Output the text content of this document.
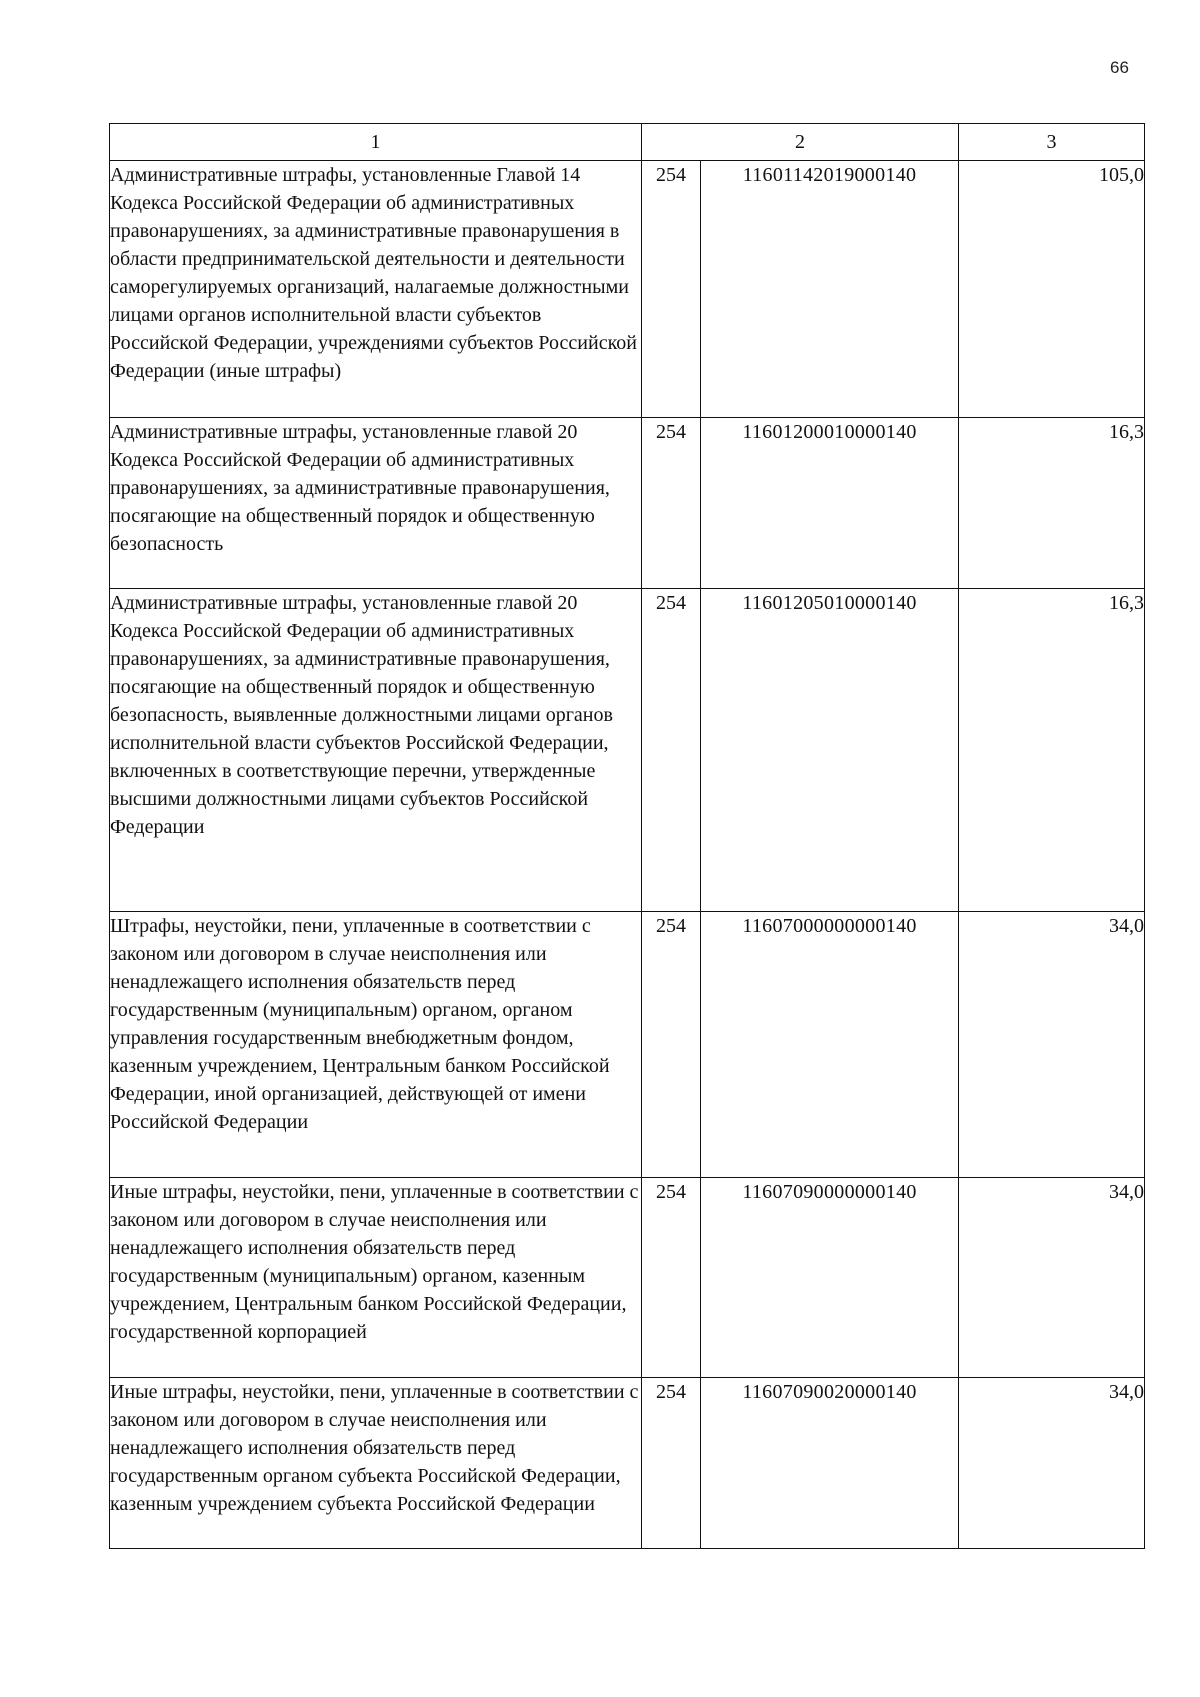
66
1	2		3
Административные штрафы, установленные Главой 14 Кодекса Российской Федерации об административных правонарушениях, за административные правонарушения в области предпринимательской деятельности и деятельности саморегулируемых организаций, налагаемые должностными лицами органов исполнительной власти субъектов Российской Федерации, учреждениями субъектов Российской Федерации (иные штрафы)	254	11601142019000140	105,0
Административные штрафы, установленные главой 20 Кодекса Российской Федерации об административных правонарушениях, за административные правонарушения, посягающие на общественный порядок и общественную безопасность	254	11601200010000140	16,3
Административные штрафы, установленные главой 20 Кодекса Российской Федерации об административных правонарушениях, за административные правонарушения, посягающие на общественный порядок и общественную безопасность, выявленные должностными лицами органов исполнительной власти субъектов Российской Федерации, включенных в соответствующие перечни, утвержденные высшими должностными лицами субъектов Российской Федерации	254	11601205010000140	16,3
Штрафы, неустойки, пени, уплаченные в соответствии с законом или договором в случае неисполнения или ненадлежащего исполнения обязательств перед государственным (муниципальным) органом, органом управления государственным внебюджетным фондом, казенным учреждением, Центральным банком Российской Федерации, иной организацией, действующей от имени Российской Федерации	254	11607000000000140	34,0
Иные штрафы, неустойки, пени, уплаченные в соответствии с законом или договором в случае неисполнения или ненадлежащего исполнения обязательств перед государственным (муниципальным) органом, казенным учреждением, Центральным банком Российской Федерации, государственной корпорацией	254	11607090000000140	34,0
Иные штрафы, неустойки, пени, уплаченные в соответствии с законом или договором в случае неисполнения или ненадлежащего исполнения обязательств перед государственным органом субъекта Российской Федерации, казенным учреждением субъекта Российской Федерации	254	11607090020000140	34,0
